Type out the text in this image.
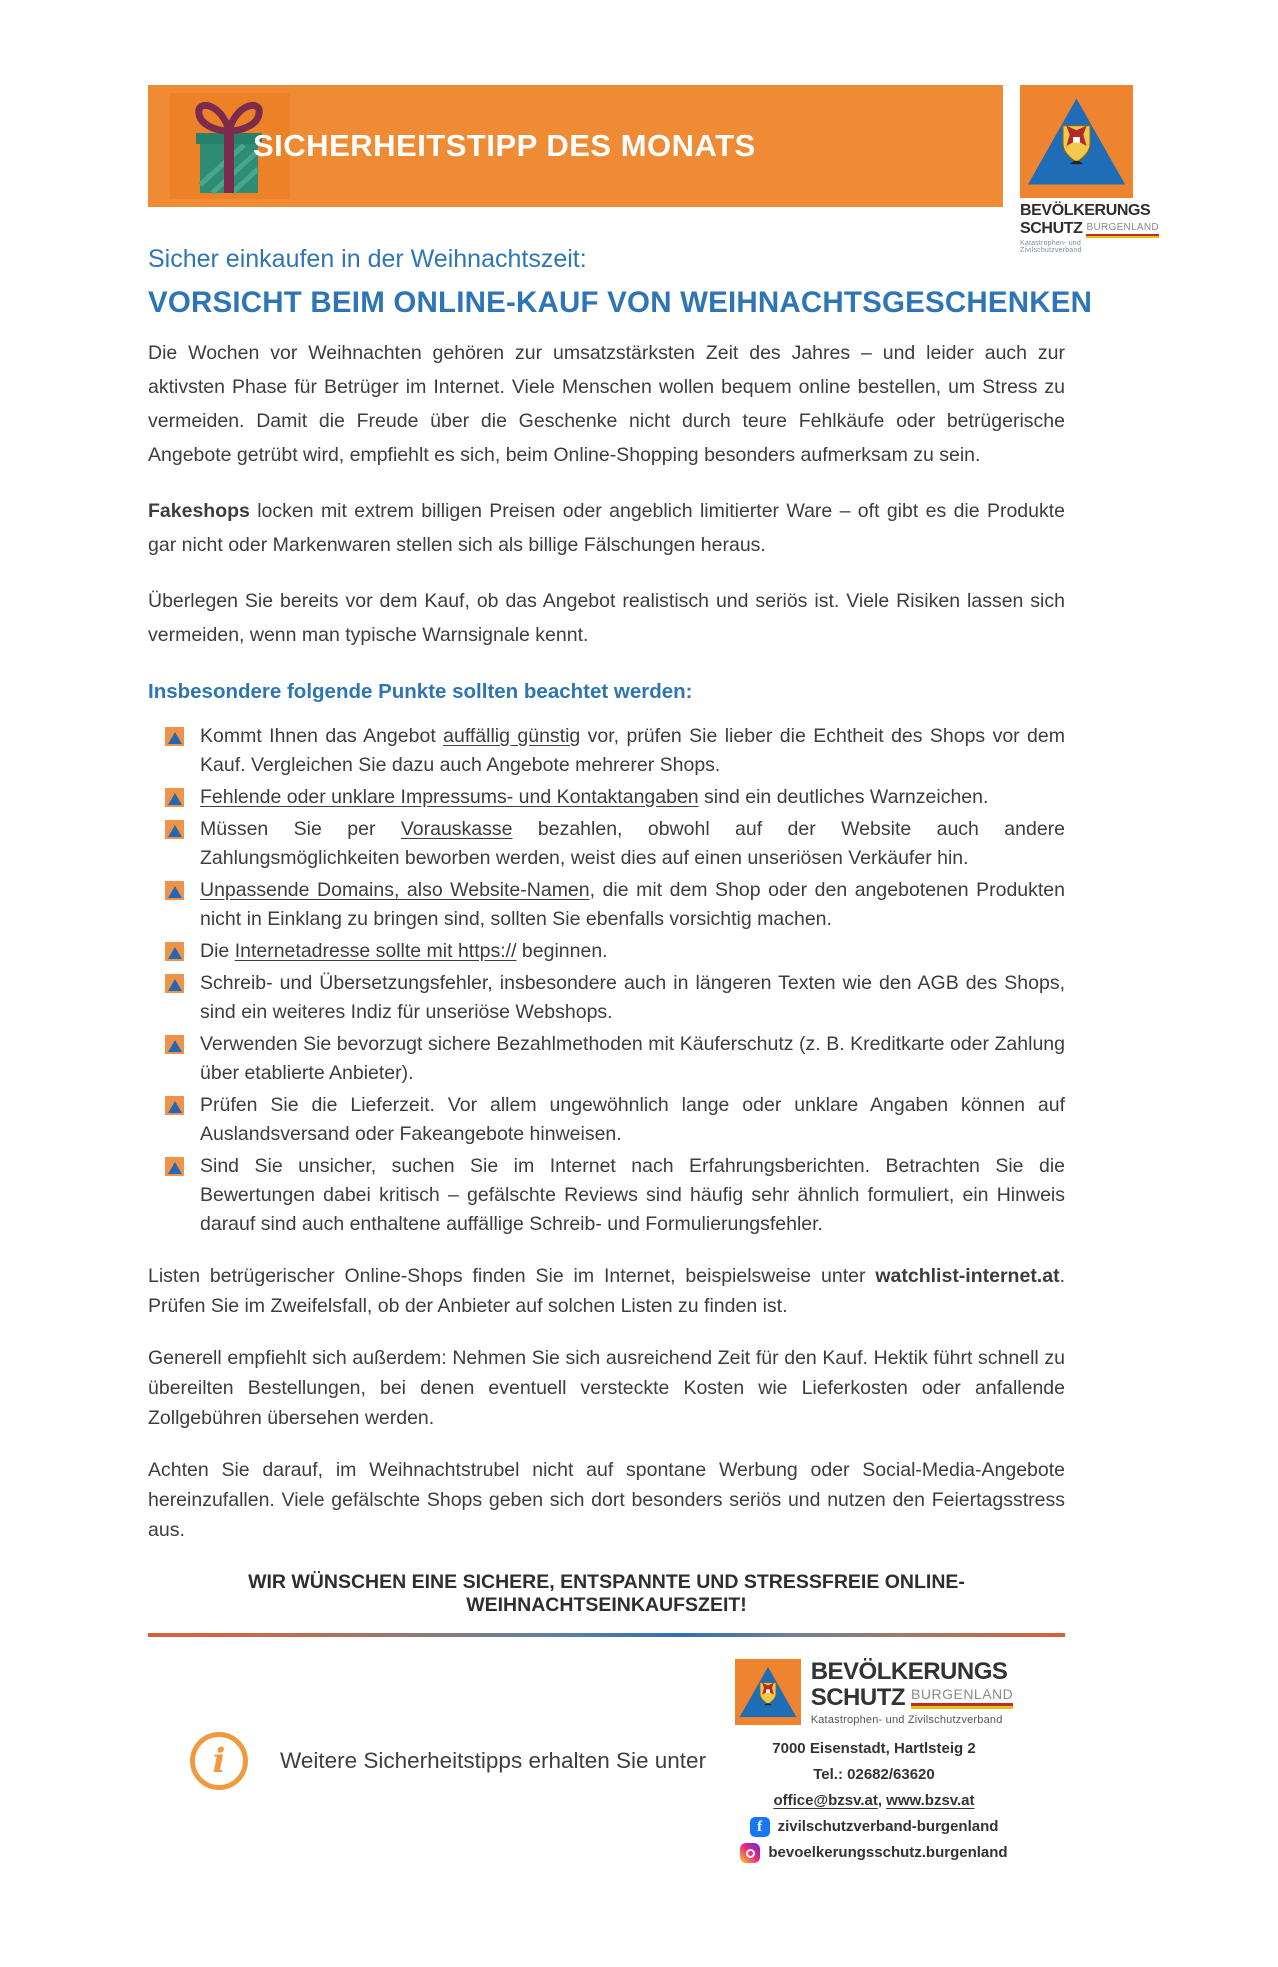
SICHERHEITSTIPP DES MONATS
BEVÖLKERUNGS
SCHUTZ BURGENLAND
Katastrophen- und Zivilschutzverband
Sicher einkaufen in der Weihnachtszeit:
VORSICHT BEIM ONLINE-KAUF VON WEIHNACHTSGESCHENKEN

Die Wochen vor Weihnachten gehören zur umsatzstärksten Zeit des Jahres – und leider auch zur aktivsten Phase für Betrüger im Internet. Viele Menschen wollen bequem online bestellen, um Stress zu vermeiden. Damit die Freude über die Geschenke nicht durch teure Fehlkäufe oder betrügerische Angebote getrübt wird, empfiehlt es sich, beim Online-Shopping besonders aufmerksam zu sein.

Fakeshops locken mit extrem billigen Preisen oder angeblich limitierter Ware – oft gibt es die Produkte gar nicht oder Markenwaren stellen sich als billige Fälschungen heraus.

Überlegen Sie bereits vor dem Kauf, ob das Angebot realistisch und seriös ist. Viele Risiken lassen sich vermeiden, wenn man typische Warnsignale kennt.

Insbesondere folgende Punkte sollten beachtet werden:
Kommt Ihnen das Angebot auffällig günstig vor, prüfen Sie lieber die Echtheit des Shops vor dem Kauf. Vergleichen Sie dazu auch Angebote mehrerer Shops.
Fehlende oder unklare Impressums- und Kontaktangaben sind ein deutliches Warnzeichen.
Müssen Sie per Vorauskasse bezahlen, obwohl auf der Website auch andere Zahlungsmöglichkeiten beworben werden, weist dies auf einen unseriösen Verkäufer hin.
Unpassende Domains, also Website-Namen, die mit dem Shop oder den angebotenen Produkten nicht in Einklang zu bringen sind, sollten Sie ebenfalls vorsichtig machen.
Die Internetadresse sollte mit https:// beginnen.
Schreib- und Übersetzungsfehler, insbesondere auch in längeren Texten wie den AGB des Shops, sind ein weiteres Indiz für unseriöse Webshops.
Verwenden Sie bevorzugt sichere Bezahlmethoden mit Käuferschutz (z. B. Kreditkarte oder Zahlung über etablierte Anbieter).
Prüfen Sie die Lieferzeit. Vor allem ungewöhnlich lange oder unklare Angaben können auf Auslandsversand oder Fakeangebote hinweisen.
Sind Sie unsicher, suchen Sie im Internet nach Erfahrungsberichten. Betrachten Sie die Bewertungen dabei kritisch – gefälschte Reviews sind häufig sehr ähnlich formuliert, ein Hinweis darauf sind auch enthaltene auffällige Schreib- und Formulierungsfehler.

Listen betrügerischer Online-Shops finden Sie im Internet, beispielsweise unter watchlist-internet.at. Prüfen Sie im Zweifelsfall, ob der Anbieter auf solchen Listen zu finden ist.

Generell empfiehlt sich außerdem: Nehmen Sie sich ausreichend Zeit für den Kauf. Hektik führt schnell zu übereilten Bestellungen, bei denen eventuell versteckte Kosten wie Lieferkosten oder anfallende Zollgebühren übersehen werden.

Achten Sie darauf, im Weihnachtstrubel nicht auf spontane Werbung oder Social-Media-Angebote hereinzufallen. Viele gefälschte Shops geben sich dort besonders seriös und nutzen den Feiertagsstress aus.

WIR WÜNSCHEN EINE SICHERE, ENTSPANNTE UND STRESSFREIE ONLINE-WEIHNACHTSEINKAUFSZEIT!
i Weitere Sicherheitstipps erhalten Sie unter
BEVÖLKERUNGS
SCHUTZ BURGENLAND
Katastrophen- und Zivilschutzverband
7000 Eisenstadt, Hartlsteig 2
Tel.: 02682/63620
office@bzsv.at, www.bzsv.at
f zivilschutzverband-burgenland
bevoelkerungsschutz.burgenland
